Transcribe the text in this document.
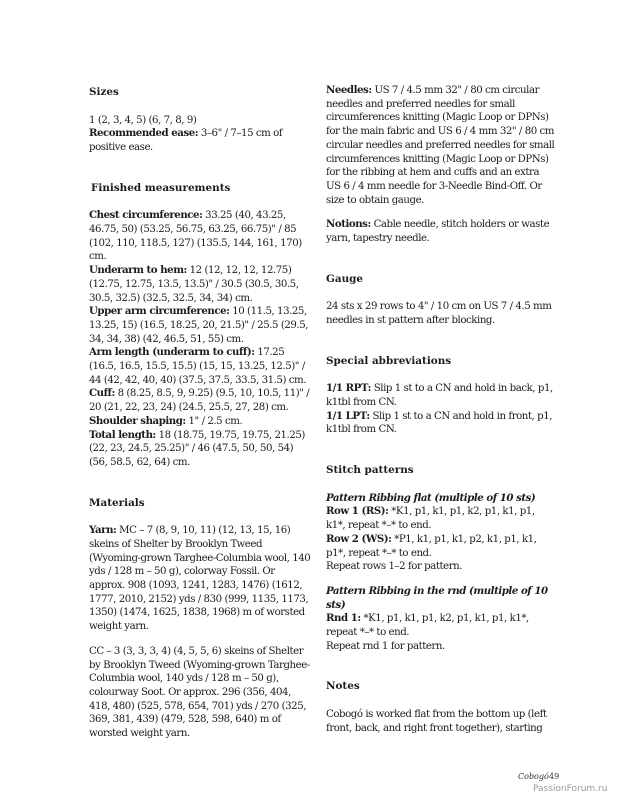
Sizes

1 (2, 3, 4, 5) (6, 7, 8, 9)
Recommended ease: 3–6" / 7–15 cm of positive ease.

Finished measurements

Chest circumference: 33.25 (40, 43.25, 46.75, 50) (53.25, 56.75, 63.25, 66.75)" / 85 (102, 110, 118.5, 127) (135.5, 144, 161, 170) cm.
Underarm to hem: 12 (12, 12, 12, 12.75) (12.75, 12.75, 13.5, 13.5)" / 30.5 (30.5, 30.5, 30.5, 32.5) (32.5, 32.5, 34, 34) cm.
Upper arm circumference: 10 (11.5, 13.25, 13.25, 15) (16.5, 18.25, 20, 21.5)" / 25.5 (29.5, 34, 34, 38) (42, 46.5, 51, 55) cm.
Arm length (underarm to cuff): 17.25 (16.5, 16.5, 15.5, 15.5) (15, 15, 13.25, 12.5)" / 44 (42, 42, 40, 40) (37.5, 37.5, 33.5, 31.5) cm.
Cuff: 8 (8.25, 8.5, 9, 9.25) (9.5, 10, 10.5, 11)" / 20 (21, 22, 23, 24) (24.5, 25.5, 27, 28) cm.
Shoulder shaping: 1" / 2.5 cm.
Total length: 18 (18.75, 19.75, 19.75, 21.25) (22, 23, 24.5, 25.25)" / 46 (47.5, 50, 50, 54) (56, 58.5, 62, 64) cm.

Materials

Yarn: MC – 7 (8, 9, 10, 11) (12, 13, 15, 16) skeins of Shelter by Brooklyn Tweed (Wyoming-grown Targhee-Columbia wool, 140 yds / 128 m – 50 g), colorway Fossil. Or approx. 908 (1093, 1241, 1283, 1476) (1612, 1777, 2010, 2152) yds / 830 (999, 1135, 1173, 1350) (1474, 1625, 1838, 1968) m of worsted weight yarn.

CC – 3 (3, 3, 3, 4) (4, 5, 5, 6) skeins of Shelter by Brooklyn Tweed (Wyoming-grown Targhee-Columbia wool, 140 yds / 128 m – 50 g), colourway Soot. Or approx. 296 (356, 404, 418, 480) (525, 578, 654, 701) yds / 270 (325, 369, 381, 439) (479, 528, 598, 640) m of worsted weight yarn.

Needles: US 7 / 4.5 mm 32" / 80 cm circular needles and preferred needles for small circumferences knitting (Magic Loop or DPNs) for the main fabric and US 6 / 4 mm 32" / 80 cm circular needles and preferred needles for small circumferences knitting (Magic Loop or DPNs) for the ribbing at hem and cuffs and an extra US 6 / 4 mm needle for 3-Needle Bind-Off. Or size to obtain gauge.

Notions: Cable needle, stitch holders or waste yarn, tapestry needle.

Gauge

24 sts x 29 rows to 4" / 10 cm on US 7 / 4.5 mm needles in st pattern after blocking.

Special abbreviations

1/1 RPT: Slip 1 st to a CN and hold in back, p1, k1tbl from CN.
1/1 LPT: Slip 1 st to a CN and hold in front, p1, k1tbl from CN.

Stitch patterns

Pattern Ribbing flat (multiple of 10 sts)
Row 1 (RS): *K1, p1, k1, p1, k2, p1, k1, p1, k1*, repeat *–* to end.
Row 2 (WS): *P1, k1, p1, k1, p2, k1, p1, k1, p1*, repeat *–* to end.
Repeat rows 1–2 for pattern.

Pattern Ribbing in the rnd (multiple of 10 sts)
Rnd 1: *K1, p1, k1, p1, k2, p1, k1, p1, k1*, repeat *–* to end.
Repeat rnd 1 for pattern.

Notes

Cobogó is worked flat from the bottom up (left front, back, and right front together), starting

Cobogó 49
PassionForum.ru
